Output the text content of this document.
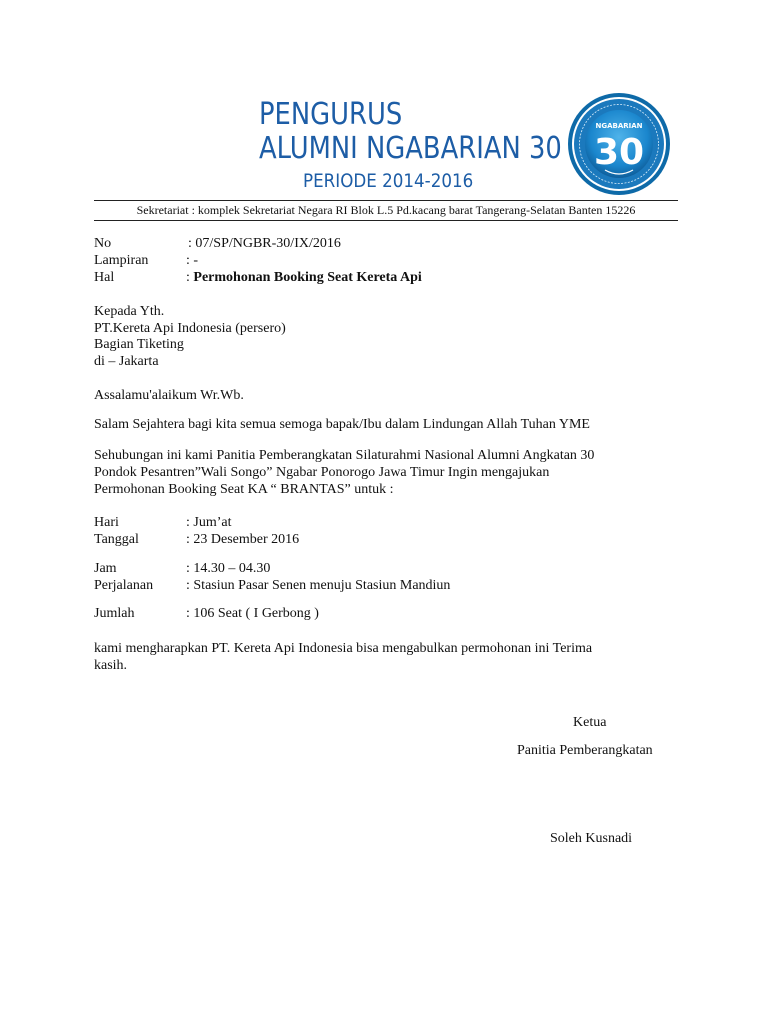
PENGURUS
ALUMNI NGABARIAN 30
PERIODE 2014-2016
NGABARIAN
30
Sekretariat : komplek Sekretariat Negara RI Blok L.5 Pd.kacang barat Tangerang-Selatan Banten 15226
No	: 07/SP/NGBR-30/IX/2016
Lampiran	: -
Hal	: Permohonan Booking Seat Kereta Api
Kepada Yth.
PT.Kereta Api Indonesia (persero)
Bagian Tiketing
di – Jakarta
Assalamu'alaikum Wr.Wb.
Salam Sejahtera bagi kita semua semoga bapak/Ibu dalam Lindungan Allah Tuhan YME
Sehubungan ini kami Panitia Pemberangkatan Silaturahmi Nasional Alumni Angkatan 30
Pondok Pesantren”Wali Songo” Ngabar Ponorogo Jawa Timur Ingin mengajukan
Permohonan Booking Seat KA “ BRANTAS” untuk :
Hari	: Jum’at
Tanggal	: 23 Desember 2016
Jam	: 14.30 – 04.30
Perjalanan : Stasiun Pasar Senen menuju Stasiun Mandiun
Jumlah	: 106 Seat ( I Gerbong )
kami mengharapkan PT. Kereta Api Indonesia bisa mengabulkan permohonan ini Terima
kasih.
Ketua
Panitia Pemberangkatan
Soleh Kusnadi
